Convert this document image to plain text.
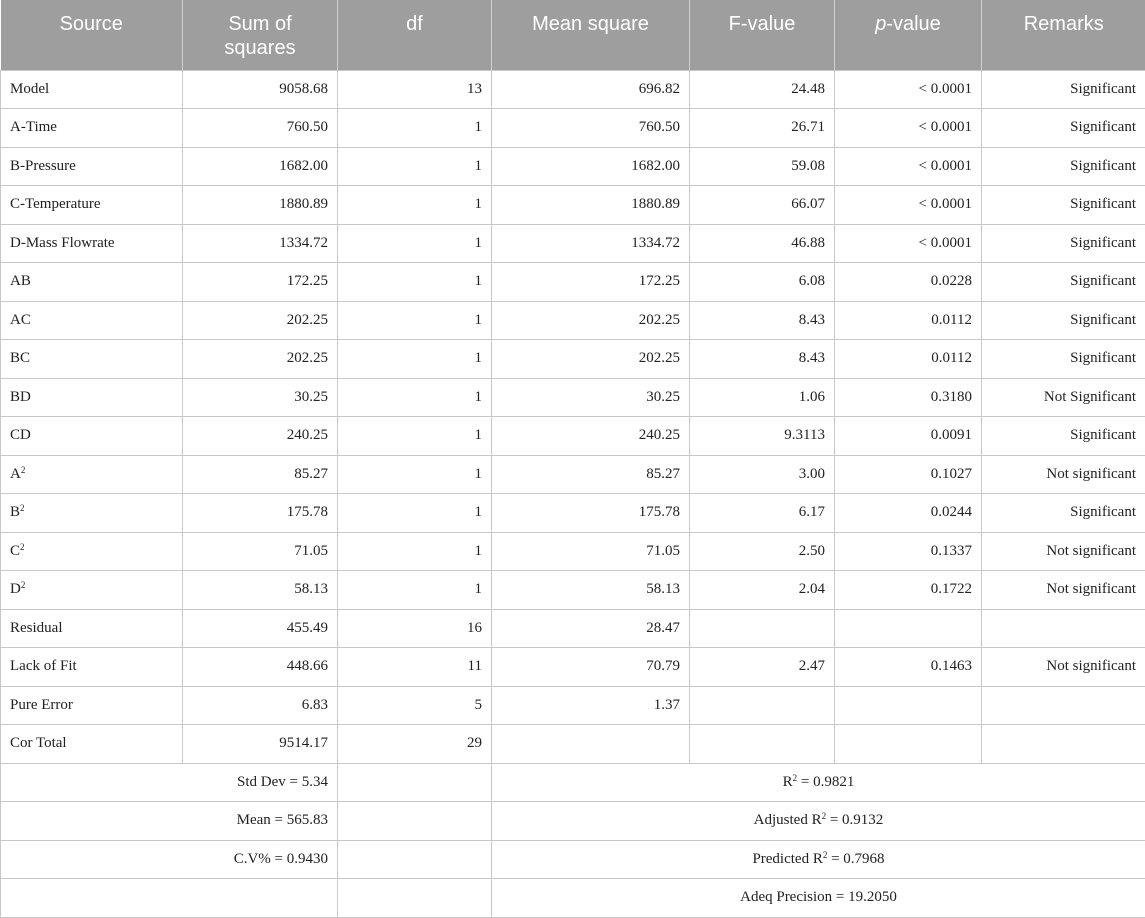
Source	Sum of squares	df	Mean square	F-value	p-value	Remarks
Model	9058.68	13	696.82	24.48	< 0.0001	Significant
A-Time	760.50	1	760.50	26.71	< 0.0001	Significant
B-Pressure	1682.00	1	1682.00	59.08	< 0.0001	Significant
C-Temperature	1880.89	1	1880.89	66.07	< 0.0001	Significant
D-Mass Flowrate	1334.72	1	1334.72	46.88	< 0.0001	Significant
AB	172.25	1	172.25	6.08	0.0228	Significant
AC	202.25	1	202.25	8.43	0.0112	Significant
BC	202.25	1	202.25	8.43	0.0112	Significant
BD	30.25	1	30.25	1.06	0.3180	Not Significant
CD	240.25	1	240.25	9.3113	0.0091	Significant
$A^2$	85.27	1	85.27	3.00	0.1027	Not significant
$B^2$	175.78	1	175.78	6.17	0.0244	Significant
$C^2$	71.05	1	71.05	2.50	0.1337	Not significant
$D^2$	58.13	1	58.13	2.04	0.1722	Not significant
Residual	455.49	16	28.47			
Lack of Fit	448.66	11	70.79	2.47	0.1463	Not significant
Pure Error	6.83	5	1.37			
Cor Total	9514.17	29				
Std Dev = 5.34			$R^2 = 0.9821$			
Mean = 565.83			Adjusted $R^2 = 0.9132$			
C.V% = 0.9430			Predicted $R^2 = 0.7968$			
			Adeq Precision = 19.2050			
